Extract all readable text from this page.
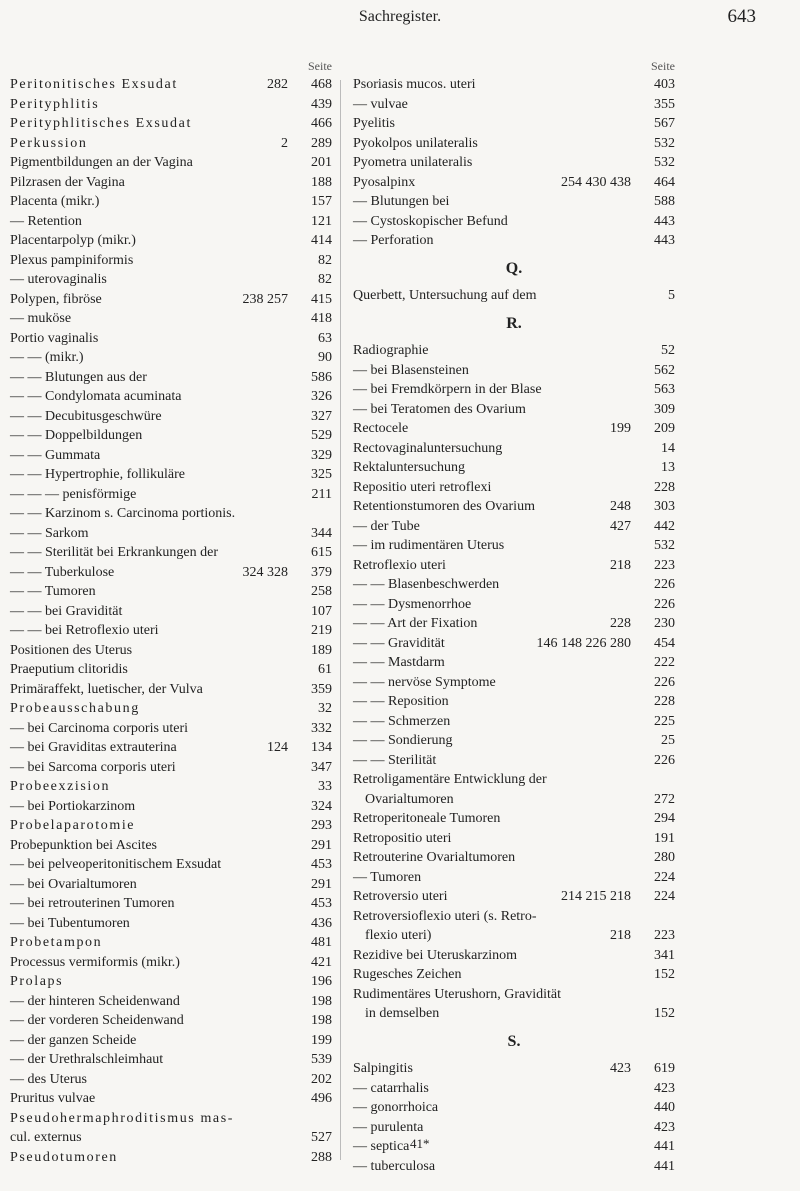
Sachregister.	643
Seite
Peritonitisches Exsudat	282 468
Perityphlitis	439
Perityphlitisches Exsudat	466
Perkussion	2 289
Pigmentbildungen an der Vagina	201
Pilzrasen der Vagina	188
Placenta (mikr.)	157
— Retention	121
Placentarpolyp (mikr.)	414
Plexus pampiniformis	82
— uterovaginalis	82
Polypen, fibröse	238 257 415
— muköse	418
Portio vaginalis	63
— — (mikr.)	90
— — Blutungen aus der	586
— — Condylomata acuminata	326
— — Decubitusgeschwüre	327
— — Doppelbildungen	529
— — Gummata	329
— — Hypertrophie, follikuläre	325
— — — penisförmige	211
— — Karzinom s. Carcinoma portionis.
— — Sarkom	344
— — Sterilität bei Erkrankungen der	615
— — Tuberkulose	324 328 379
— — Tumoren	258
— — bei Gravidität	107
— — bei Retroflexio uteri	219
Positionen des Uterus	189
Praeputium clitoridis	61
Primäraffekt, luetischer, der Vulva	359
Probeausschabung	32
— bei Carcinoma corporis uteri	332
— bei Graviditas extrauterina	124 134
— bei Sarcoma corporis uteri	347
Probeexzision	33
— bei Portiokarzinom	324
Probelaparotomie	293
Probepunktion bei Ascites	291
— bei pelveoperitonitischem Exsudat	453
— bei Ovarialtumoren	291
— bei retrouterinen Tumoren	453
— bei Tubentumoren	436
Probetampon	481
Processus vermiformis (mikr.)	421
Prolaps	196
— der hinteren Scheidenwand	198
— der vorderen Scheidenwand	198
— der ganzen Scheide	199
— der Urethralschleimhaut	539
— des Uterus	202
Pruritus vulvae	496
Pseudohermaphroditismus mas-
cul. externus	527
Pseudotumoren	288
Seite
Psoriasis mucos. uteri	403
— vulvae	355
Pyelitis	567
Pyokolpos unilateralis	532
Pyometra unilateralis	532
Pyosalpinx	254 430 438 464
— Blutungen bei	588
— Cystoskopischer Befund	443
— Perforation	443
Q.
Querbett, Untersuchung auf dem	5
R.
Radiographie	52
— bei Blasensteinen	562
— bei Fremdkörpern in der Blase	563
— bei Teratomen des Ovarium	309
Rectocele	199 209
Rectovaginaluntersuchung	14
Rektaluntersuchung	13
Repositio uteri retroflexi	228
Retentionstumoren des Ovarium	248 303
— der Tube	427 442
— im rudimentären Uterus	532
Retroflexio uteri	218 223
— — Blasenbeschwerden	226
— — Dysmenorrhoe	226
— — Art der Fixation	228 230
— — Gravidität	146 148 226 280 454
— — Mastdarm	222
— — nervöse Symptome	226
— — Reposition	228
— — Schmerzen	225
— — Sondierung	25
— — Sterilität	226
Retroligamentäre Entwicklung der
Ovarialtumoren	272
Retroperitoneale Tumoren	294
Retropositio uteri	191
Retrouterine Ovarialtumoren	280
— Tumoren	224
Retroversio uteri	214 215 218 224
Retroversioflexio uteri (s. Retro-
flexio uteri)	218 223
Rezidive bei Uteruskarzinom	341
Rugesches Zeichen	152
Rudimentäres Uterushorn, Gravidität
in demselben	152
S.
Salpingitis	423 619
— catarrhalis	423
— gonorrhoica	440
— purulenta	423
— septica	441
— tuberculosa	441
41*
